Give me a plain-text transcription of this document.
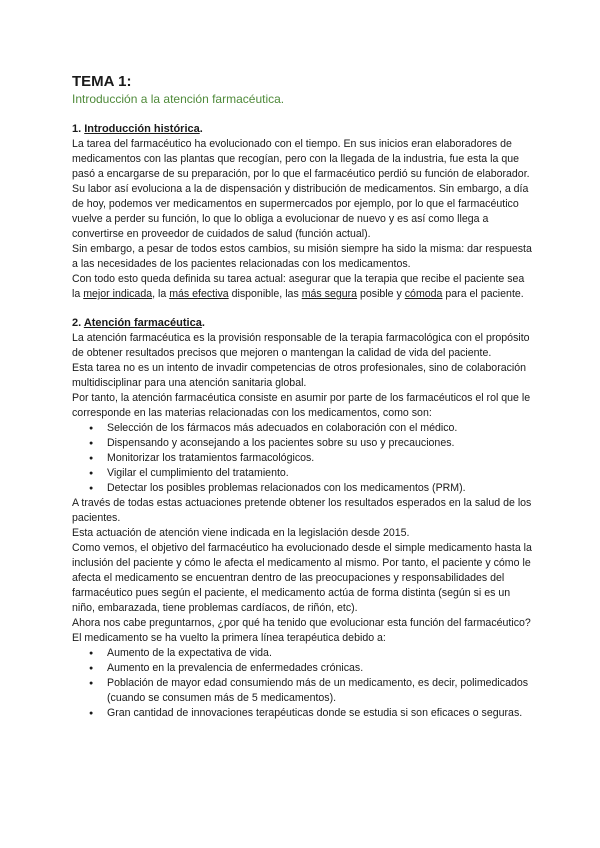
TEMA 1:
Introducción a la atención farmacéutica.
1. Introducción histórica.

La tarea del farmacéutico ha evolucionado con el tiempo. En sus inicios eran elaboradores de medicamentos con las plantas que recogían, pero con la llegada de la industria, fue esta la que pasó a encargarse de su preparación, por lo que el farmacéutico perdió su función de elaborador.

Su labor así evoluciona a la de dispensación y distribución de medicamentos. Sin embargo, a día de hoy, podemos ver medicamentos en supermercados por ejemplo, por lo que el farmacéutico vuelve a perder su función, lo que lo obliga a evolucionar de nuevo y es así como llega a convertirse en proveedor de cuidados de salud (función actual).

Sin embargo, a pesar de todos estos cambios, su misión siempre ha sido la misma: dar respuesta a las necesidades de los pacientes relacionadas con los medicamentos.

Con todo esto queda definida su tarea actual: asegurar que la terapia que recibe el paciente sea la mejor indicada, la más efectiva disponible, las más segura posible y cómoda para el paciente.

2. Atención farmacéutica.

La atención farmacéutica es la provisión responsable de la terapia farmacológica con el propósito de obtener resultados precisos que mejoren o mantengan la calidad de vida del paciente.

Esta tarea no es un intento de invadir competencias de otros profesionales, sino de colaboración multidisciplinar para una atención sanitaria global.

Por tanto, la atención farmacéutica consiste en asumir por parte de los farmacéuticos el rol que le corresponde en las materias relacionadas con los medicamentos, como son:

● Selección de los fármacos más adecuados en colaboración con el médico.
● Dispensando y aconsejando a los pacientes sobre su uso y precauciones.
● Monitorizar los tratamientos farmacológicos.
● Vigilar el cumplimiento del tratamiento.
● Detectar los posibles problemas relacionados con los medicamentos (PRM).

A través de todas estas actuaciones pretende obtener los resultados esperados en la salud de los pacientes.

Esta actuación de atención viene indicada en la legislación desde 2015.

Como vemos, el objetivo del farmacéutico ha evolucionado desde el simple medicamento hasta la inclusión del paciente y cómo le afecta el medicamento al mismo. Por tanto, el paciente y cómo le afecta el medicamento se encuentran dentro de las preocupaciones y responsabilidades del farmacéutico pues según el paciente, el medicamento actúa de forma distinta (según si es un niño, embarazada, tiene problemas cardíacos, de riñón, etc).

Ahora nos cabe preguntarnos, ¿por qué ha tenido que evolucionar esta función del farmacéutico? El medicamento se ha vuelto la primera línea terapéutica debido a:

● Aumento de la expectativa de vida.
● Aumento en la prevalencia de enfermedades crónicas.
● Población de mayor edad consumiendo más de un medicamento, es decir, polimedicados (cuando se consumen más de 5 medicamentos).
● Gran cantidad de innovaciones terapéuticas donde se estudia si son eficaces o seguras.
